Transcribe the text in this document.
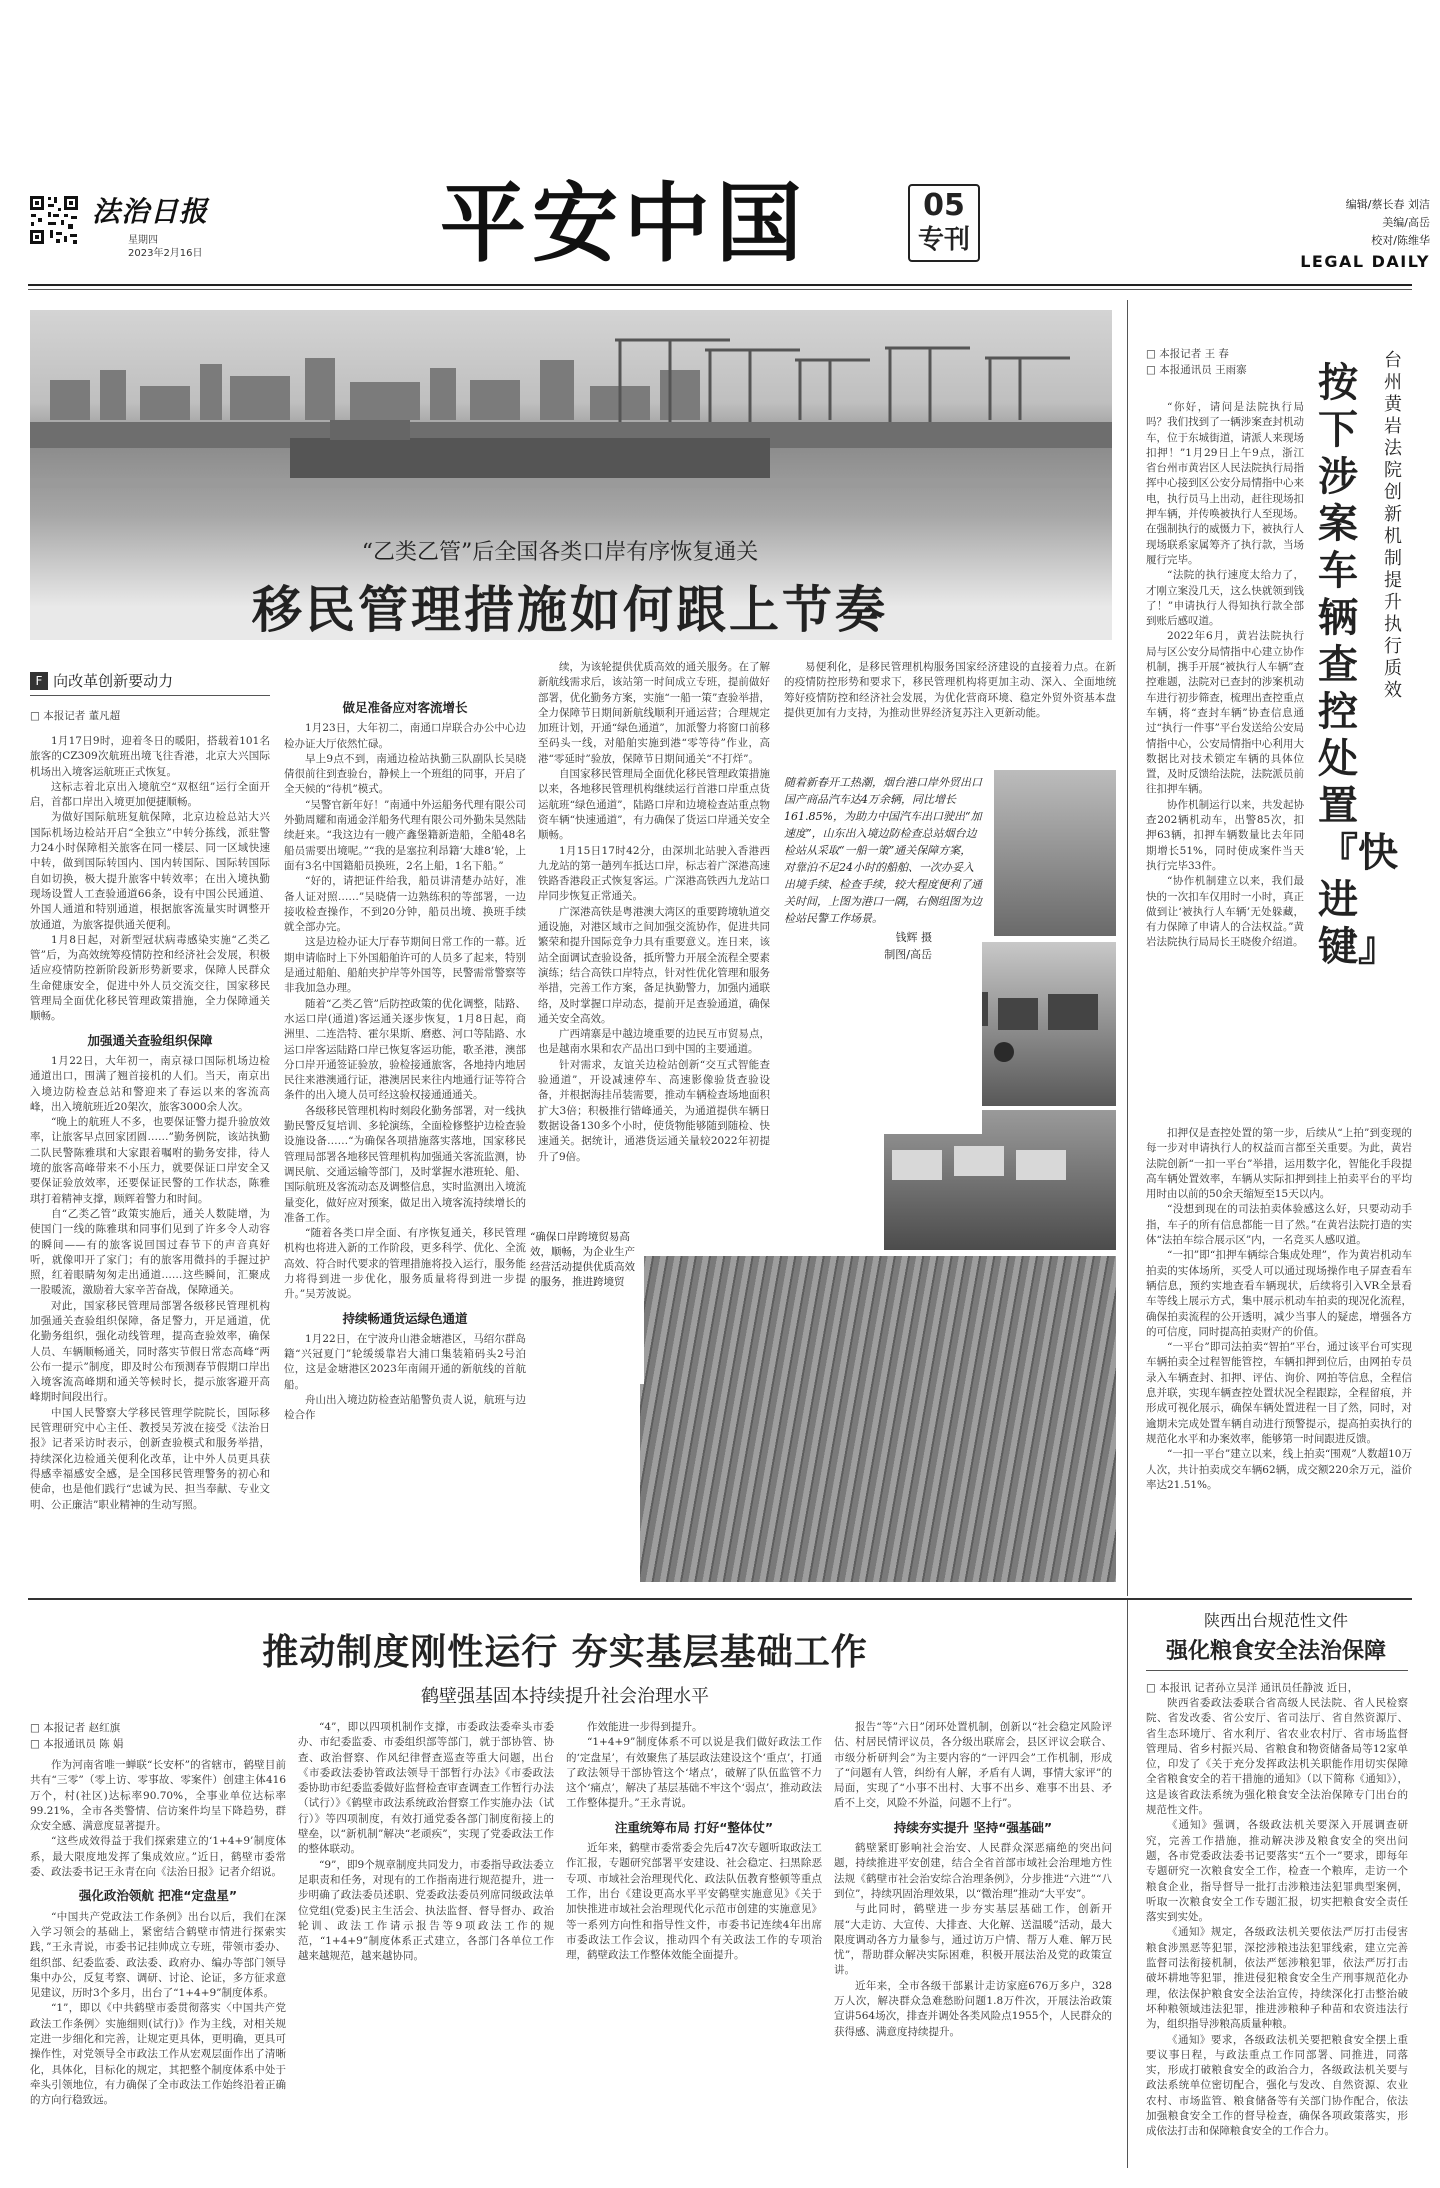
法治日报
星期四
2023年2月16日	平安中国	05
专刊
编辑/蔡长春 刘洁
美编/高岳
校对/陈维华
LEGAL DAILY
“乙类乙管”后全国各类口岸有序恢复通关
移民管理措施如何跟上节奏
F 向改革创新要动力
□ 本报记者 董凡超

1月17日9时，迎着冬日的暖阳，搭载着101名旅客的CZ309次航班出境飞往香港，北京大兴国际机场出入境客运航班正式恢复。

这标志着北京出入境航空“双枢纽”运行全面开启，首都口岸出入境更加便捷顺畅。

为做好国际航班复航保障，北京边检总站大兴国际机场边检站开启“全独立”中转分拣线，派驻警力24小时保障相关旅客在同一楼层、同一区域快速中转，做到国际转国内、国内转国际、国际转国际自如切换，极大提升旅客中转效率；在出入境执勤现场设置人工查验通道66条，设有中国公民通道、外国人通道和特别通道，根据旅客流量实时调整开放通道，为旅客提供通关便利。

1月8日起，对新型冠状病毒感染实施“乙类乙管”后，为高效统筹疫情防控和经济社会发展，积极适应疫情防控新阶段新形势新要求，保障人民群众生命健康安全，促进中外人员交流交往，国家移民管理局全面优化移民管理政策措施，全力保障通关顺畅。

加强通关查验组织保障

1月22日，大年初一，南京禄口国际机场边检通道出口，围满了翘首接机的人们。当天，南京出入境边防检查总站和警迎来了春运以来的客流高峰，出入境航班近20架次，旅客3000余人次。

“晚上的航班人不多，也要保证警力提升验放效率，让旅客早点回家团圆……”勤务例院，该站执勤二队民警陈雅琪和大家跟着嘱咐的勤务安排，待人境的旅客高峰带来不小压力，就要保证口岸安全又要保证验放效率，还要保证民警的工作状态，陈雅琪打着精神支撑，顾辉着警力和时间。

自“乙类乙管”政策实施后，通关人数陡增，为使国门一线的陈雅琪和同事们见到了许多令人动容的瞬间——有的旅客说回国过春节下的声音真好听，就像叩开了家门；有的旅客用微抖的手握过护照，红着眼睛匆匆走出通道……这些瞬间，汇聚成一股暖流，激励着大家辛苦奋战，保障通关。

对此，国家移民管理局部署各级移民管理机构加强通关查验组织保障，备足警力，开足通道，优化勤务组织，强化动线管理，提高查验效率，确保人员、车辆顺畅通关，同时落实节假日常态高峰“两公布一提示”制度，即及时公布预测春节假期口岸出入境客流高峰期和通关等候时长，提示旅客避开高峰期时间段出行。

中国人民警察大学移民管理学院院长，国际移民管理研究中心主任、教授吴芳波在接受《法治日报》记者采访时表示，创新查验模式和服务举措，持续深化边检通关便利化改革，让中外人员更具获得感幸福感安全感，是全国移民管理警务的初心和使命，也是他们践行“忠诚为民、担当奉献、专业文明、公正廉洁”职业精神的生动写照。

做足准备应对客流增长

1月23日，大年初二，南通口岸联合办公中心边检办证大厅依然忙碌。

早上9点不到，南通边检站执勤三队副队长吴晓倩很前往到查验台，静候上一个班组的同事，开启了全天候的“待机”模式。

“吴警官新年好！”南通中外运船务代理有限公司外勤周耀和南通金洋船务代理有限公司外勤朱昊然陆续赶来。“我这边有一艘产鑫堡籍新造船，全船48名船员需要出境呢。”“我的是塞拉利昂籍‘大雄8’轮，上面有3名中国籍船员换班，2名上船，1名下船。”

“好的，请把证件给我，船员讲清楚办站好，准备人证对照……”吴晓倩一边熟练积的等部署，一边接收检查操作，不到20分钟，船员出境、换班手续就全部办完。

这是边检办证大厅春节期间日常工作的一幕。近期申请临时上下外国船舶许可的人员多了起来，特别是通过船舶、船舶夹护岸等外国等，民警需常警察等非我加急办理。

随着“乙类乙管”后防控政策的优化调整，陆路、水运口岸(通道)客运通关逐步恢复，1月8日起，商洲里、二连浩特、霍尔果斯、磨憨、河口等陆路、水运口岸客运陆路口岸已恢复客运功能，歌圣港，澳部分口岸开通签证验放，验检接通旅客，各地持内地居民往来港澳通行证，港澳居民来往内地通行证等符合条件的出入境人员可经这验权接通通通关。

各级移民管理机构时刻段化勤务部署，对一线执勤民警反复培训、多轮演练，全面检修整护边检查验设施设备……“为确保各项措施落实落地，国家移民管理局部署各地移民管理机构加强通关客流监测，协调民航、交通运输等部门，及时掌握水港班轮、船、国际航班及客流动态及调整信息，实时监测出入境流量变化，做好应对预案，做足出入境客流持续增长的准备工作。

“随着各类口岸全面、有序恢复通关，移民管理机构也将进入新的工作阶段，更多科学、优化、全流高效、符合时代要求的管理措施将投入运行，服务能力将得到进一步优化，服务质量将得到进一步提升。”吴芳波说。

持续畅通货运绿色通道

1月22日，在宁波舟山港金塘港区，马绍尔群岛籍“兴冠夏门”轮缓缓靠岩大浦口集装箱码头2号泊位，这是金塘港区2023年南闹开通的新航线的首航船。

舟山出入境边防检查站船警负责人说，航班与边检合作

续，为该轮提供优质高效的通关服务。在了解新航线需求后，该站第一时间成立专班，提前做好部署，优化勤务方案，实施“一船一策”查验举措，全力保障节日期间新航线顺利开通运营；合理规定加班计划，开通“绿色通道”，加派警力将窗口前移至码头一线，对船舶实施到港“零等待”作业，高港“零延时”验放，保障节日期间通关“不打烊”。

自国家移民管理局全面优化移民管理政策措施以来，各地移民管理机构继续运行首港口岸重点货运航班“绿色通道”，陆路口岸和边境检查站重点物资车辆“快速通道”，有力确保了货运口岸通关安全顺畅。

1月15日17时42分，由深圳北站驶入香港西九龙站的第一趟列车抵达口岸，标志着广深港高速铁路香港段正式恢复客运。广深港高铁西九龙站口岸同步恢复正常通关。

广深港高铁是粤港澳大湾区的重要跨境轨道交通设施，对港区域市之间加强交流协作，促进共同繁荣和提升国际竞争力具有重要意义。连日来，该站全面调试查验设备，抵所警力开展全流程全要素演练；结合高铁口岸特点，针对性优化管理和服务举措，完善工作方案，备足执勤警力，加强内通联络，及时掌握口岸动态，提前开足查验通道，确保通关安全高效。

广西靖寨是中越边境重要的边民互市贸易点，也是越南水果和农产品出口到中国的主要通道。

针对需求，友谊关边检站创新“交互式智能查验通道”，开设减速停车、高速影像验货查验设备，并根据海挂吊装需要，推动车辆检查场地面积扩大3倍；积极推行错峰通关，为通道提供车辆日数据设备130多个小时，使货物能够随到随检、快速通关。据统计，通港货运通关量较2022年初提升了9倍。

易便利化，是移民管理机构服务国家经济建设的直接着力点。在新的疫情防控形势和要求下，移民管理机构将更加主动、深入、全面地统筹好疫情防控和经济社会发展，为优化营商环境、稳定外贸外资基本盘提供更加有力支持，为推动世界经济复苏注入更新动能。

随着新春开工热潮，烟台港口岸外贸出口国产商品汽车达4万余辆，同比增长161.85%，为助力中国汽车出口驶出“加速度”，山东出入境边防检查总站烟台边检站从采取“一船一策”通关保障方案，对靠泊不足24小时的船舶、一次办妥入出境手续、检查手续，较大程度便利了通关时间，上图为港口一隅，右侧组图为边检站民警工作场景。
钱辉 摄
制图/高岳
“确保口岸跨境贸易高效，顺畅，为企业生产经营活动提供优质高效的服务，推进跨境贸
□ 本报记者 王 春
□ 本报通讯员 王雨寨	台州黄岩法院创新机制提升执行质效
按下涉案车辆查控处置『快进键』

“你好，请问是法院执行局吗？我们找到了一辆涉案查封机动车，位于东城街道，请派人来现场扣押！”1月29日上午9点，浙江省台州市黄岩区人民法院执行局指挥中心接到区公安分局情指中心来电，执行员马上出动，赶往现场扣押车辆，并传唤被执行人至现场。在强制执行的威慑力下，被执行人现场联系家属筹齐了执行款，当场履行完毕。

“法院的执行速度太给力了，才刚立案没几天，这么快就领到钱了！”申请执行人得知执行款全部到账后感叹道。

2022年6月，黄岩法院执行局与区公安分局情指中心建立协作机制，携手开展“被执行人车辆”查控难题，法院对已查封的涉案机动车进行初步筛查，梳理出查控重点车辆，将“查封车辆”协查信息通过“执行一件事”平台发送给公安局情指中心，公安局情指中心利用大数据比对技术锁定车辆的具体位置，及时反馈给法院，法院派员前往扣押车辆。

协作机制运行以来，共发起协查202辆机动车，出警85次，扣押63辆，扣押车辆数量比去年同期增长51%，同时使成案件当天执行完毕33件。

“协作机制建立以来，我们最快的一次扣车仅用时一小时，真正做到让‘被执行人车辆’无处躲藏，有力保障了申请人的合法权益。”黄岩法院执行局局长王晓俊介绍道。

扣押仅是查控处置的第一步，后续从“上拍”到变现的每一步对申请执行人的权益而言都至关重要。为此，黄岩法院创新“一扣一平台”举措，运用数字化，智能化手段提高车辆处置效率，车辆从实际扣押到挂上拍卖平台的平均用时由以前的50余天缩短至15天以内。

“没想到现在的司法拍卖体验感这么好，只要动动手指，车子的所有信息都能一目了然。”在黄岩法院打造的实体“法拍车综合展示区”内，一名竞买人感叹道。

“一扣”即“扣押车辆综合集成处理”，作为黄岩机动车拍卖的实体场所，买受人可以通过现场操作电子屏查看车辆信息，预约实地查看车辆现状，后续将引入VR全景看车等线上展示方式，集中展示机动车拍卖的现况化流程，确保拍卖流程的公开透明，减少当事人的疑虑，增强各方的可信度，同时提高拍卖财产的价值。

“一平台”即司法拍卖“智拍”平台，通过该平台可实现车辆拍卖全过程智能管控，车辆扣押到位后，由网拍专员录入车辆查封、扣押、评估、询价、网拍等信息，全程信息并联，实现车辆查控处置状况全程跟踪，全程留痕，并形成可视化展示，确保车辆处置进程一目了然，同时，对逾期未完成处置车辆自动进行预警提示，提高拍卖执行的规范化水平和办案效率，能够第一时间跟进反馈。

“一扣一平台”建立以来，线上拍卖“围观”人数超10万人次，共计拍卖成交车辆62辆，成交额220余万元，溢价率达21.51%。

推动制度刚性运行 夯实基层基础工作
鹤壁强基固本持续提升社会治理水平
□ 本报记者 赵红旗
□ 本报通讯员 陈 娟

作为河南省唯一蝉联“长安杯”的省辖市，鹤壁目前共有“三零”（零上访、零事故、零案件）创建主体416万个，村(社区)达标率90.70%，全事业单位达标率99.21%，全市各类警情、信访案件均呈下降趋势，群众安全感、满意度显著提升。

“这些成效得益于我们探索建立的‘1+4+9’制度体系，最大限度地发挥了集成效应。”近日，鹤壁市委常委、政法委书记王永青在向《法治日报》记者介绍说。

强化政治领航 把准“定盘星”

“中国共产党政法工作条例》出台以后，我们在深入学习领会的基础上，紧密结合鹤壁市情进行探索实践，”王永青说，市委书记挂帅成立专班，带领市委办、组织部、纪委监委、政法委、政府办、编办等部门领导集中办公，反复考察、调研、讨论、论证，多方征求意见建议，历时3个多月，出台了“1+4+9”制度体系。

“1”，即以《中共鹤壁市委贯彻落实〈中国共产党政法工作条例〉实施细则(试行)》作为主线，对相关规定进一步细化和完善，让规定更具体，更明确，更具可操作性，对党领导全市政法工作从宏观层面作出了清晰化，具体化，目标化的规定，其把整个制度体系中处于牵头引领地位，有力确保了全市政法工作始终沿着正确的方向行稳致远。

“4”，即以四项机制作支撑，市委政法委牵头市委办、市纪委监委、市委组织部等部门，就于部协管、协查、政治督察、作风纪律督查巡查等重大问题，出台《市委政法委协管政法领导干部暂行办法》《市委政法委协助市纪委监委做好监督检查审查调查工作暂行办法（试行）》《鹤壁市政法系统政治督察工作实施办法（试行）》等四项制度，有效打通党委各部门制度衔接上的壁垒，以“新机制”解决“老顽疾”，实现了党委政法工作的整体联动。

“9”，即9个规章制度共同发力，市委指导政法委立足职责和任务，对现有的工作指南进行规范提升，进一步明确了政法委员述职、党委政法委员列席同级政法单位党组(党委)民主生活会、执法监督、督导督办、政治轮训、政法工作请示报告等9项政法工作的规范，“1+4+9”制度体系正式建立，各部门各单位工作越来越规范，越来越协同。

作效能进一步得到提升。

“1+4+9”制度体系不可以说是我们做好政法工作的‘定盘星’，有效聚焦了基层政法建设这个‘重点’，打通了政法领导干部协管这个‘堵点’，破解了队伍监管不力这个‘痛点’，解决了基层基础不牢这个‘弱点’，推动政法工作整体提升。”王永青说。

注重统筹布局 打好“整体仗”

近年来，鹤壁市委常委会先后47次专题听取政法工作汇报，专题研究部署平安建设、社会稳定、扫黑除恶专项、市域社会治理现代化、政法队伍教育整顿等重点工作，出台《建设更高水平平安鹤壁实施意见》《关于加快推进市域社会治理现代化示范市创建的实施意见》等一系列方向性和指导性文件，市委书记连续4年出席市委政法工作会议，推动四个有关政法工作的专项治理，鹤壁政法工作整体效能全面提升。

报告“等”六日”闭环处置机制，创新以“社会稳定风险评估、村居民情评议员，各分级出联席会，县区评议会联合、市级分析研判会”为主要内容的“一评四会”工作机制，形成了“问题有人管，纠纷有人解，矛盾有人调，事情大家评”的局面，实现了“小事不出村、大事不出乡、难事不出县、矛盾不上交，风险不外溢，问题不上行”。

持续夯实提升 坚持“强基础”

鹤壁紧盯影响社会治安、人民群众深恶痛绝的突出问题，持续推进平安创建，结合全省首部市域社会治理地方性法规《鹤壁市社会治安综合治理条例》，分步推进“六进”“八到位”，持续巩固治理效果，以“微治理”推动“大平安”。

与此同时，鹤壁进一步夯实基层基础工作，创新开展“大走访、大宣传、大排查、大化解、送温暖”活动，最大限度调动各方力量参与，通过访万户情、帮万人难、解万民忧”，帮助群众解决实际困难，积极开展法治及党的政策宣讲。

近年来，全市各级干部累计走访家庭676万多户，328万人次，解决群众急难愁盼问题1.8万件次，开展法治政策宣讲564场次，排查并调处各类风险点1955个，人民群众的获得感、满意度持续提升。

陕西出台规范性文件
强化粮食安全法治保障
□ 本报讯 记者孙立昊洋 通讯员任静波 近日，

陕西省委政法委联合省高级人民法院、省人民检察院、省发改委、省公安厅、省司法厅、省自然资源厅、省生态环境厅、省水利厅、省农业农村厅、省市场监督管理局、省乡村振兴局、省粮食和物资储备局等12家单位，印发了《关于充分发挥政法机关职能作用切实保障全省粮食安全的若干措施的通知》（以下简称《通知》），这是该省政法系统为强化粮食安全法治保障专门出台的规范性文件。

《通知》强调，各级政法机关要深入开展调查研究，完善工作措施，推动解决涉及粮食安全的突出问题，各市党委政法委书记要落实“五个一”要求，即每年专题研究一次粮食安全工作，检查一个粮库，走访一个粮食企业，指导督导一批打击涉粮违法犯罪典型案例，听取一次粮食安全工作专题汇报，切实把粮食安全责任落实到实处。

《通知》规定，各级政法机关要依法严厉打击侵害粮食涉黑恶等犯罪，深挖涉粮违法犯罪线索，建立完善监督司法衔接机制，依法严惩涉粮犯罪，依法严厉打击破坏耕地等犯罪，推进侵犯粮食安全生产刑事规范化办理，依法保护粮食安全法治宣传，持续深化打击整治破坏种粮领域违法犯罪，推进涉粮种子种苗和农资违法行为，组织指导涉粮高质量种粮。

《通知》要求，各级政法机关要把粮食安全摆上重要议事日程，与政法重点工作同部署、同推进，同落实，形成打破粮食安全的政治合力，各级政法机关要与政法系统单位密切配合，强化与发改、自然资源、农业农村、市场监管、粮食储备等有关部门协作配合，依法加强粮食安全工作的督导检查，确保各项政策落实，形成依法打击和保障粮食安全的工作合力。
